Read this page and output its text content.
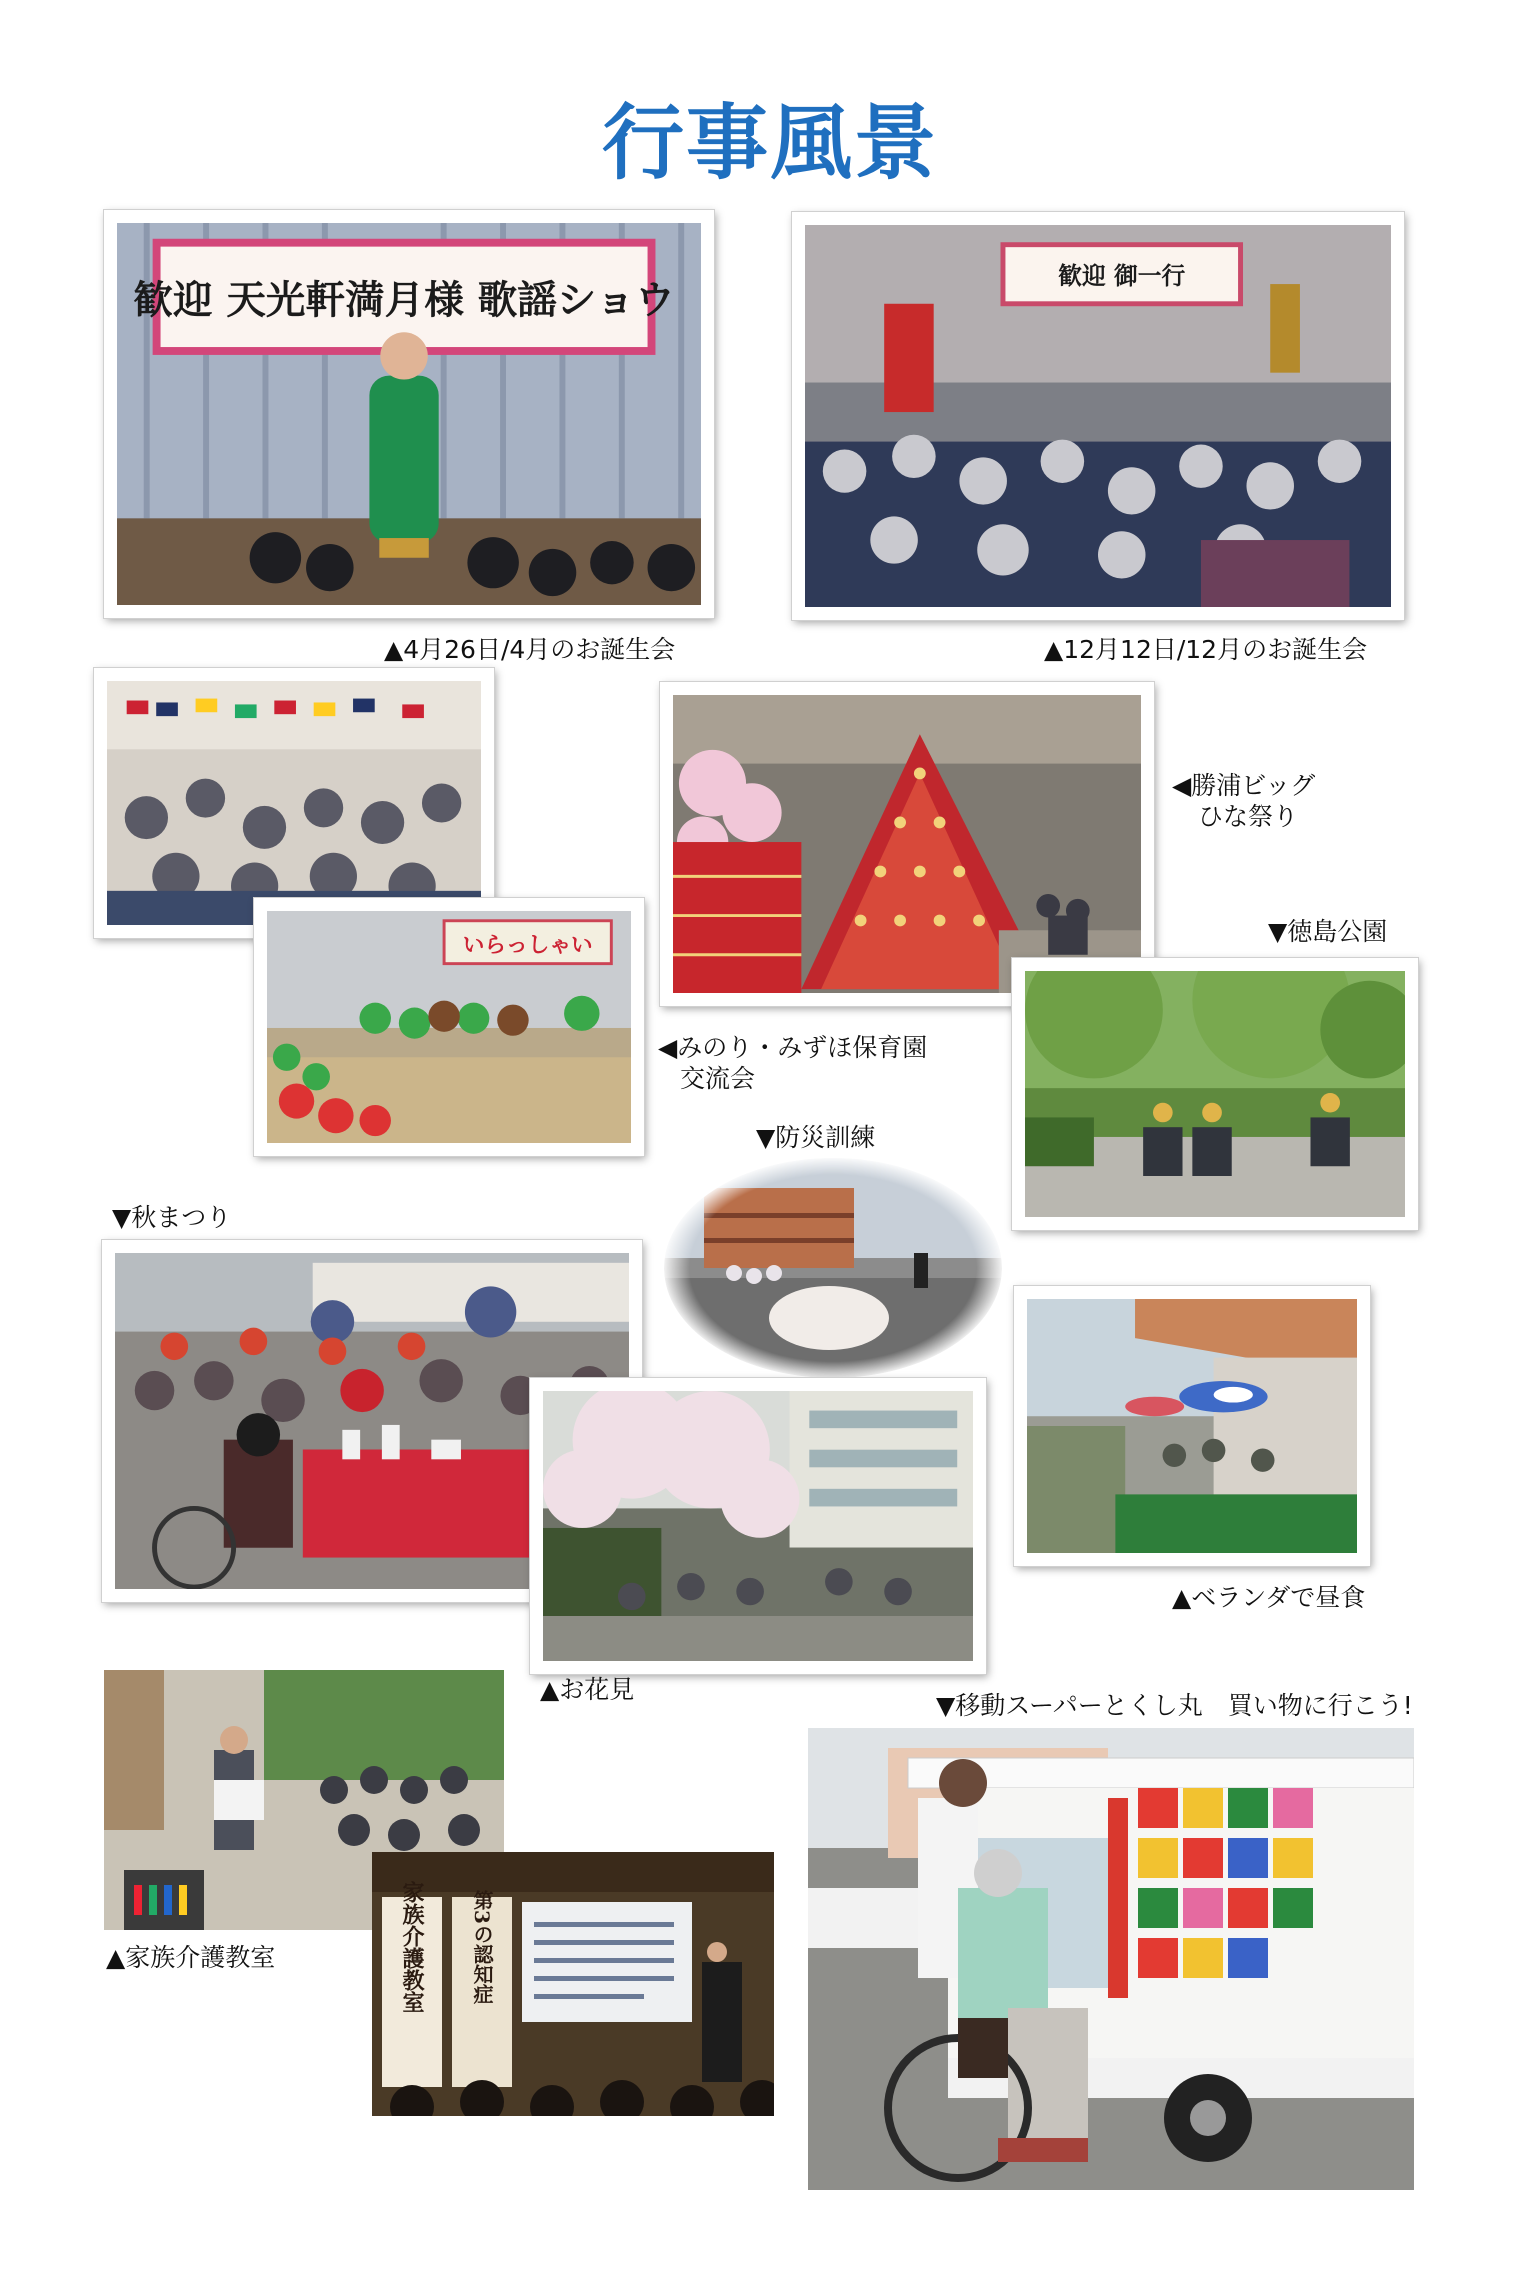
行事風景
歓迎 天光軒満月様 歌謡ショウ
▲4月26日/4月のお誕生会
歓迎 御一行
▲12月12日/12月のお誕生会
いらっしゃい
◀みのり・みずほ保育園
交流会
◀勝浦ビッグ
ひな祭り
▼徳島公園
▼防災訓練
▼秋まつり
▲お花見
▲ベランダで昼食
▲家族介護教室	家族介護教室 第3の認知症
▼移動スーパーとくし丸　買い物に行こう!
